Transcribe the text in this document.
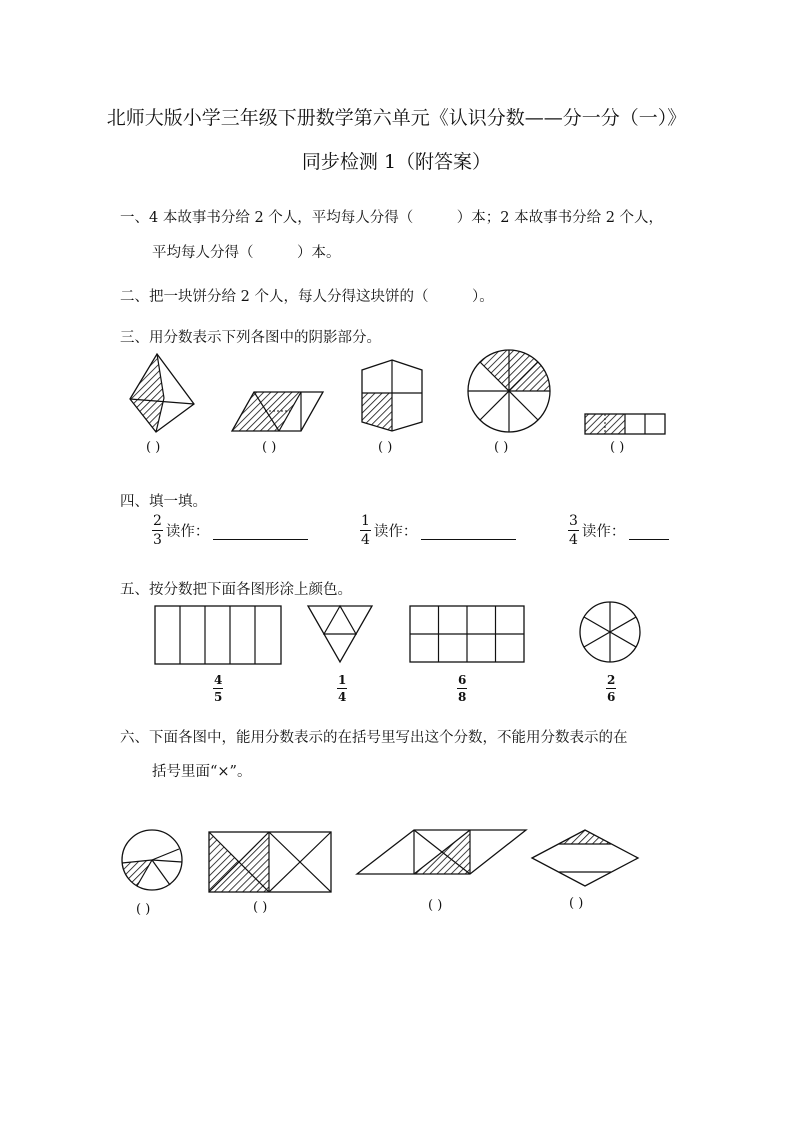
北师大版小学三年级下册数学第六单元《认识分数——分一分（一）》
同步检测 1（附答案）
一、4 本故事书分给 2 个人，平均每人分得（　　　）本；2 本故事书分给 2 个人，
平均每人分得（　　　）本。
二、把一块饼分给 2 个人，每人分得这块饼的（　　　）。
三、用分数表示下列各图中的阴影部分。
( )	( )	( )	( )	( )
四、填一填。
$\frac{2}{3}$ 读作：	$\frac{1}{4}$ 读作：	$\frac{3}{4}$ 读作：
五、按分数把下面各图形涂上颜色。
$\frac{4}{5}$	$\frac{1}{4}$	$\frac{6}{8}$	$\frac{2}{6}$
六、下面各图中，能用分数表示的在括号里写出这个分数，不能用分数表示的在
括号里面“×”。
( )	( )	( )	( )
